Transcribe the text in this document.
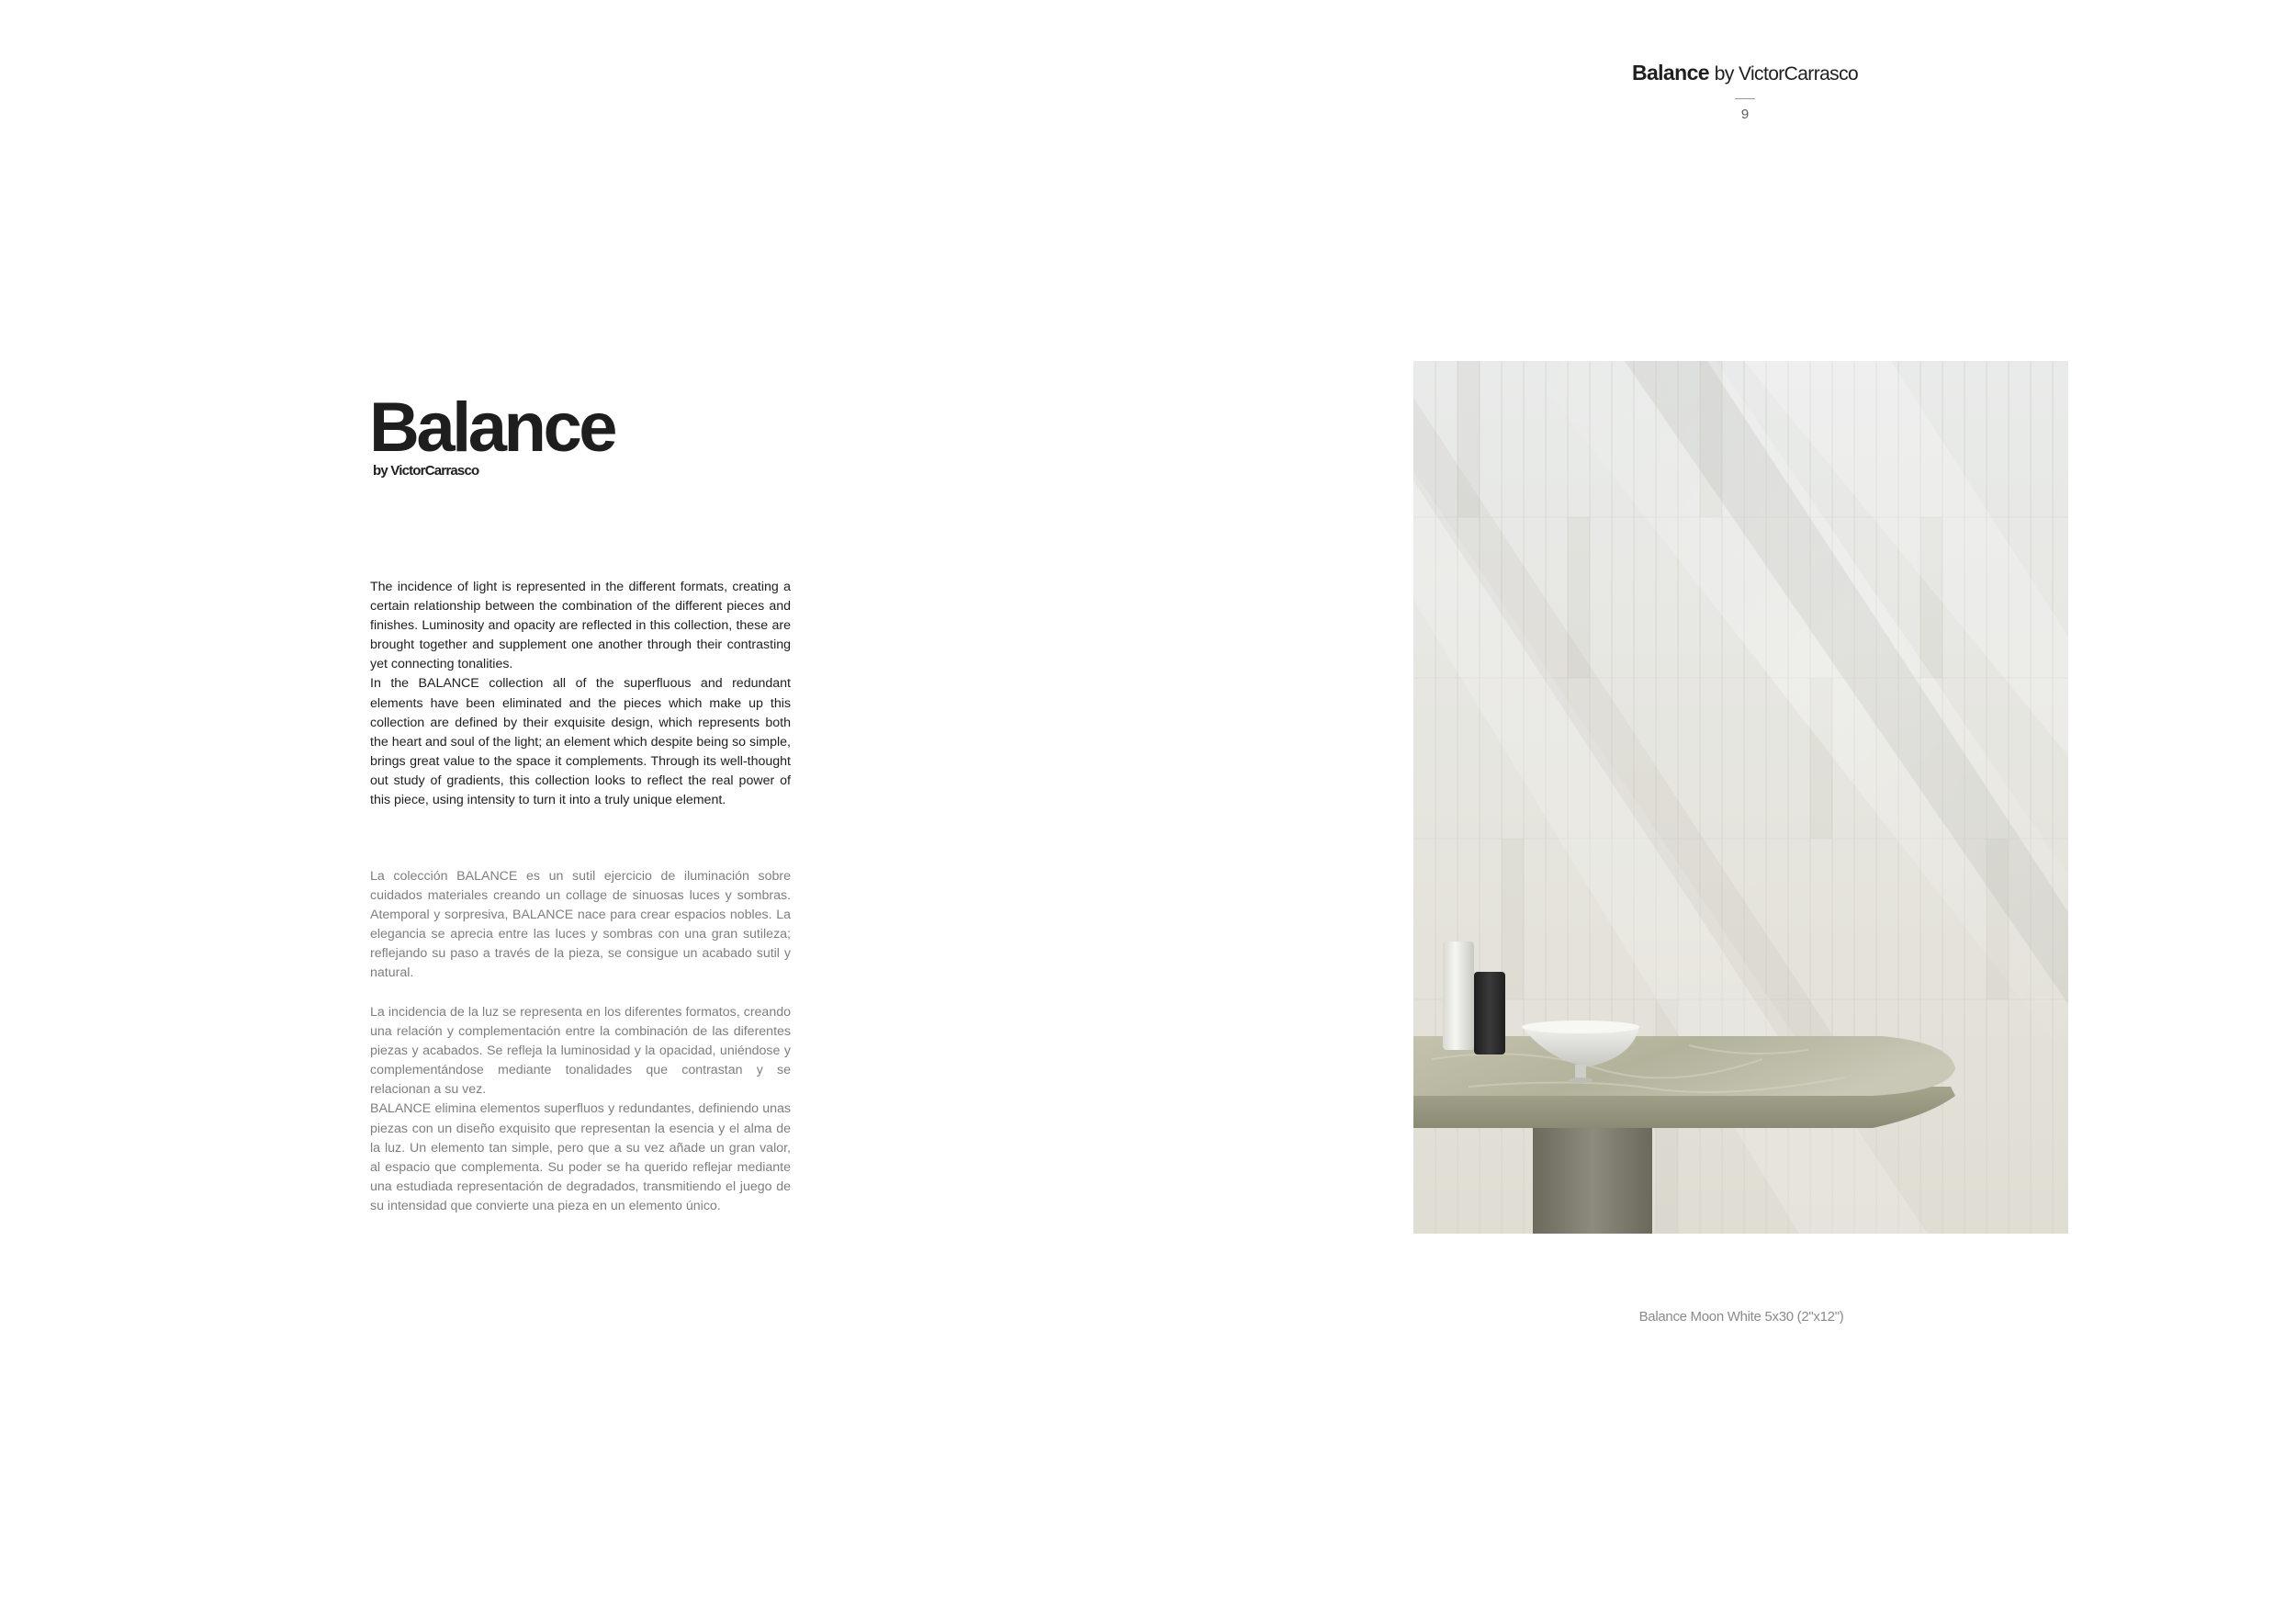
Balance by VictorCarrasco
9
Balance
by VictorCarrasco

The incidence of light is represented in the different formats, creating a certain relationship between the combination of the different pieces and finishes. Luminosity and opacity are reflected in this collection, these are brought together and supplement one another through their contrasting yet connecting tonalities.

In the BALANCE collection all of the superfluous and redundant elements have been eliminated and the pieces which make up this collection are defined by their exquisite design, which represents both the heart and soul of the light; an element which despite being so simple, brings great value to the space it complements. Through its well-thought out study of gradients, this collection looks to reflect the real power of this piece, using intensity to turn it into a truly unique element.

La colección BALANCE es un sutil ejercicio de iluminación sobre cuidados materiales creando un collage de sinuosas luces y sombras. Atemporal y sorpresiva, BALANCE nace para crear espacios nobles. La elegancia se aprecia entre las luces y sombras con una gran sutileza; reflejando su paso a través de la pieza, se consigue un acabado sutil y natural.

La incidencia de la luz se representa en los diferentes formatos, creando una relación y complementación entre la combinación de las diferentes piezas y acabados. Se refleja la luminosidad y la opacidad, uniéndose y complementándose mediante tonalidades que contrastan y se relacionan a su vez.

BALANCE elimina elementos superfluos y redundantes, definiendo unas piezas con un diseño exquisito que representan la esencia y el alma de la luz. Un elemento tan simple, pero que a su vez añade un gran valor, al espacio que complementa. Su poder se ha querido reflejar mediante una estudiada representación de degradados, transmitiendo el juego de su intensidad que convierte una pieza en un elemento único.

Balance Moon White 5x30 (2"x12")
